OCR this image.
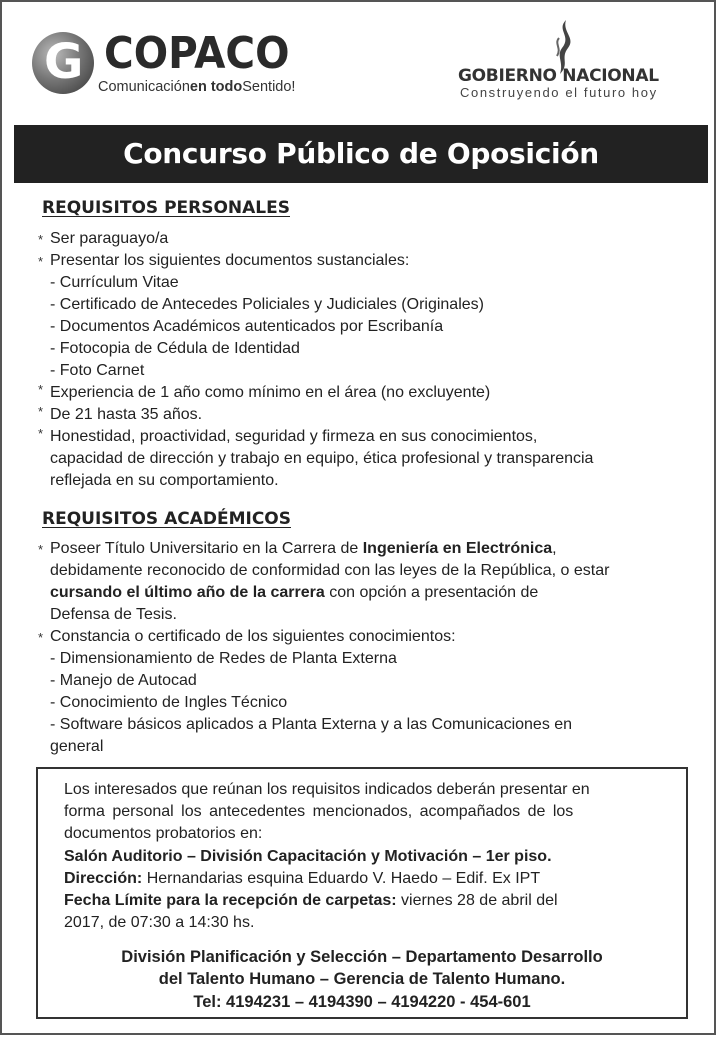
G COPACO
Comunicaciónen todoSentido!
GOBIERNO NACIONAL
Construyendo el futuro hoy
Concurso Público de Oposición
REQUISITOS PERSONALES
* Ser paraguayo/a
* Presentar los siguientes documentos sustanciales:
- Currículum Vitae
- Certificado de Antecedes Policiales y Judiciales (Originales)
- Documentos Académicos autenticados por Escribanía
- Fotocopia de Cédula de Identidad
- Foto Carnet
* Experiencia de 1 año como mínimo en el área (no excluyente)
* De 21 hasta 35 años.
* Honestidad, proactividad, seguridad y firmeza en sus conocimientos,
capacidad de dirección y trabajo en equipo, ética profesional y transparencia
reflejada en su comportamiento.
REQUISITOS ACADÉMICOS
* Poseer Título Universitario en la Carrera de Ingeniería en Electrónica,
debidamente reconocido de conformidad con las leyes de la República, o estar
cursando el último año de la carrera con opción a presentación de
Defensa de Tesis.
* Constancia o certificado de los siguientes conocimientos:
- Dimensionamiento de Redes de Planta Externa
- Manejo de Autocad
- Conocimiento de Ingles Técnico
- Software básicos aplicados a Planta Externa y a las Comunicaciones en
general
Los interesados que reúnan los requisitos indicados deberán presentar en
forma personal los antecedentes mencionados, acompañados de los
documentos probatorios en:
Salón Auditorio – División Capacitación y Motivación – 1er piso.
Dirección: Hernandarias esquina Eduardo V. Haedo – Edif. Ex IPT
Fecha Límite para la recepción de carpetas: viernes 28 de abril del
2017, de 07:30 a 14:30 hs.
División Planificación y Selección – Departamento Desarrollo
del Talento Humano – Gerencia de Talento Humano.
Tel: 4194231 – 4194390 – 4194220 - 454-601
